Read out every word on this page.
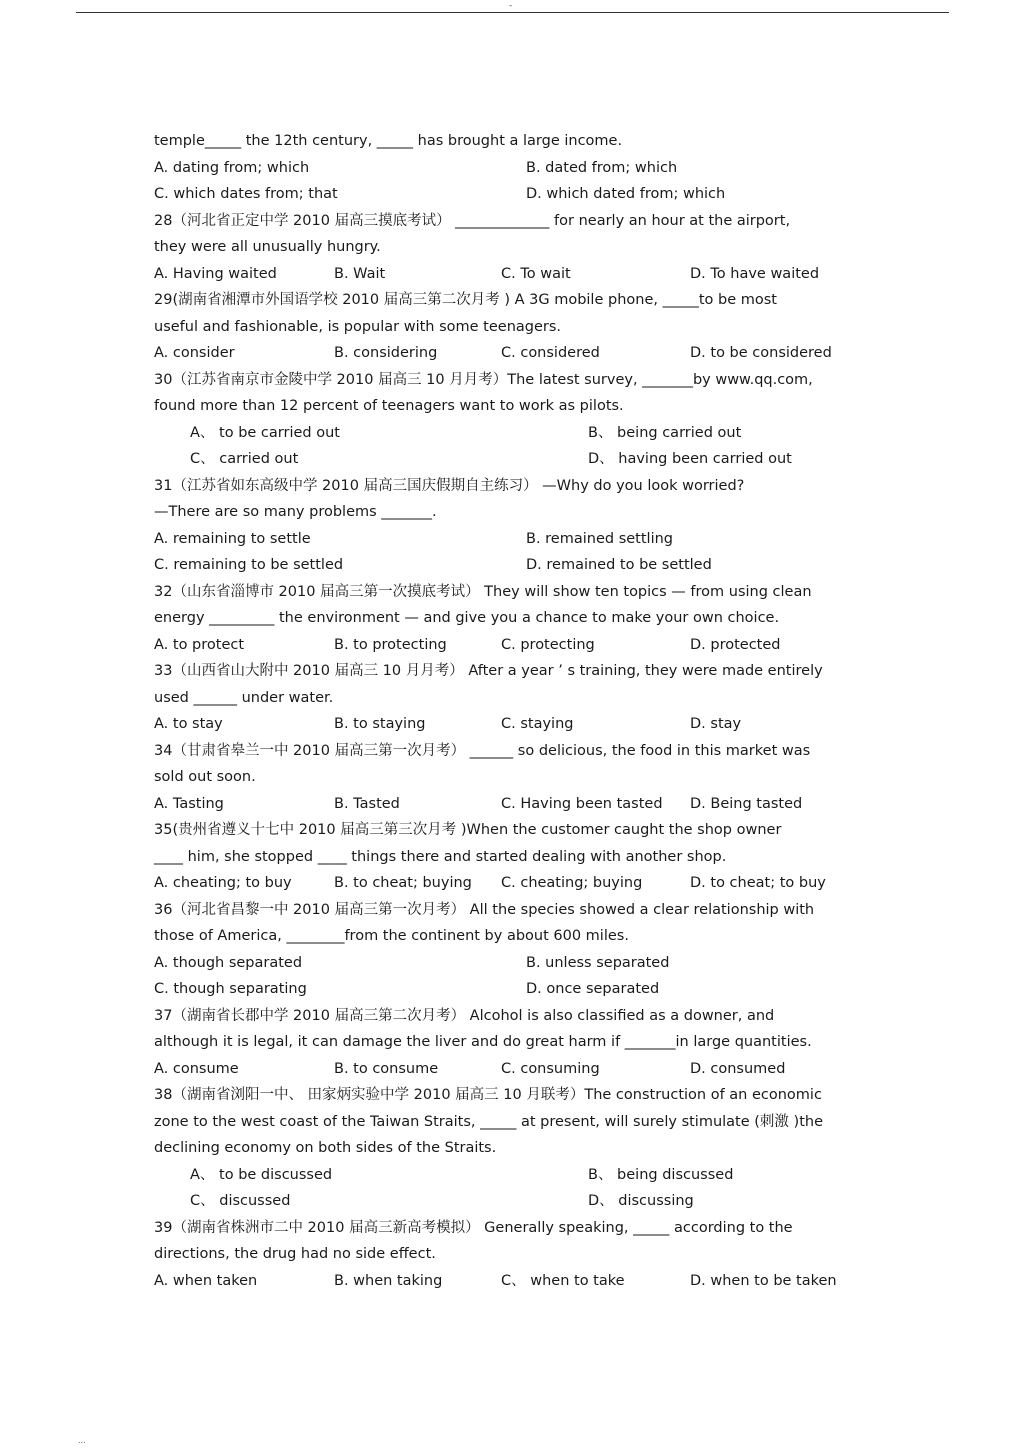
-
temple_____ the 12th century, _____ has brought a large income.
A. dating from; which	B. dated from; which
C. which dates from; that	D. which dated from; which
28（河北省正定中学 2010 届高三摸底考试） _____________ for nearly an hour at the airport,
they were all unusually hungry.
A. Having waited	B. Wait	C. To wait	D. To have waited
29(湖南省湘潭市外国语学校 2010 届高三第二次月考 ) A 3G mobile phone, _____to be most
useful and fashionable, is popular with some teenagers.
A. consider	B. considering	C. considered	D. to be considered
30（江苏省南京市金陵中学 2010 届高三 10 月月考）The latest survey, _______by www.qq.com,
found more than 12 percent of teenagers want to work as pilots.
A、 to be carried out	B、 being carried out
C、 carried out	D、 having been carried out
31（江苏省如东高级中学 2010 届高三国庆假期自主练习） —Why do you look worried?
—There are so many problems _______.
A. remaining to settle	B. remained settling
C. remaining to be settled	D. remained to be settled
32（山东省淄博市 2010 届高三第一次摸底考试） They will show ten topics — from using clean
energy _________ the environment — and give you a chance to make your own choice.
A. to protect	B. to protecting	C. protecting	D. protected
33（山西省山大附中 2010 届高三 10 月月考） After a year ’ s training, they were made entirely
used ______ under water.
A. to stay	B. to staying	C. staying	D. stay
34（甘肃省皋兰一中 2010 届高三第一次月考） ______ so delicious, the food in this market was
sold out soon.
A. Tasting	B. Tasted	C. Having been tasted D. Being tasted
35(贵州省遵义十七中 2010 届高三第三次月考 )When the customer caught the shop owner
____ him, she stopped ____ things there and started dealing with another shop.
A. cheating; to buy	B. to cheat; buying C. cheating; buying	D. to cheat; to buy
36（河北省昌黎一中 2010 届高三第一次月考） All the species showed a clear relationship with
those of America, ________from the continent by about 600 miles.
A. though separated	B. unless separated
C. though separating	D. once separated
37（湖南省长郡中学 2010 届高三第二次月考） Alcohol is also classified as a downer, and
although it is legal, it can damage the liver and do great harm if _______in large quantities.
A. consume	B. to consume	C. consuming	D. consumed
38（湖南省浏阳一中、 田家炳实验中学 2010 届高三 10 月联考）The construction of an economic
zone to the west coast of the Taiwan Straits, _____ at present, will surely stimulate (刺激 )the
declining economy on both sides of the Straits.
A、 to be discussed	B、 being discussed
C、 discussed	D、 discussing
39（湖南省株洲市二中 2010 届高三新高考模拟） Generally speaking, _____ according to the
directions, the drug had no side effect.
A. when taken	B. when taking	C、 when to take	D. when to be taken
...
